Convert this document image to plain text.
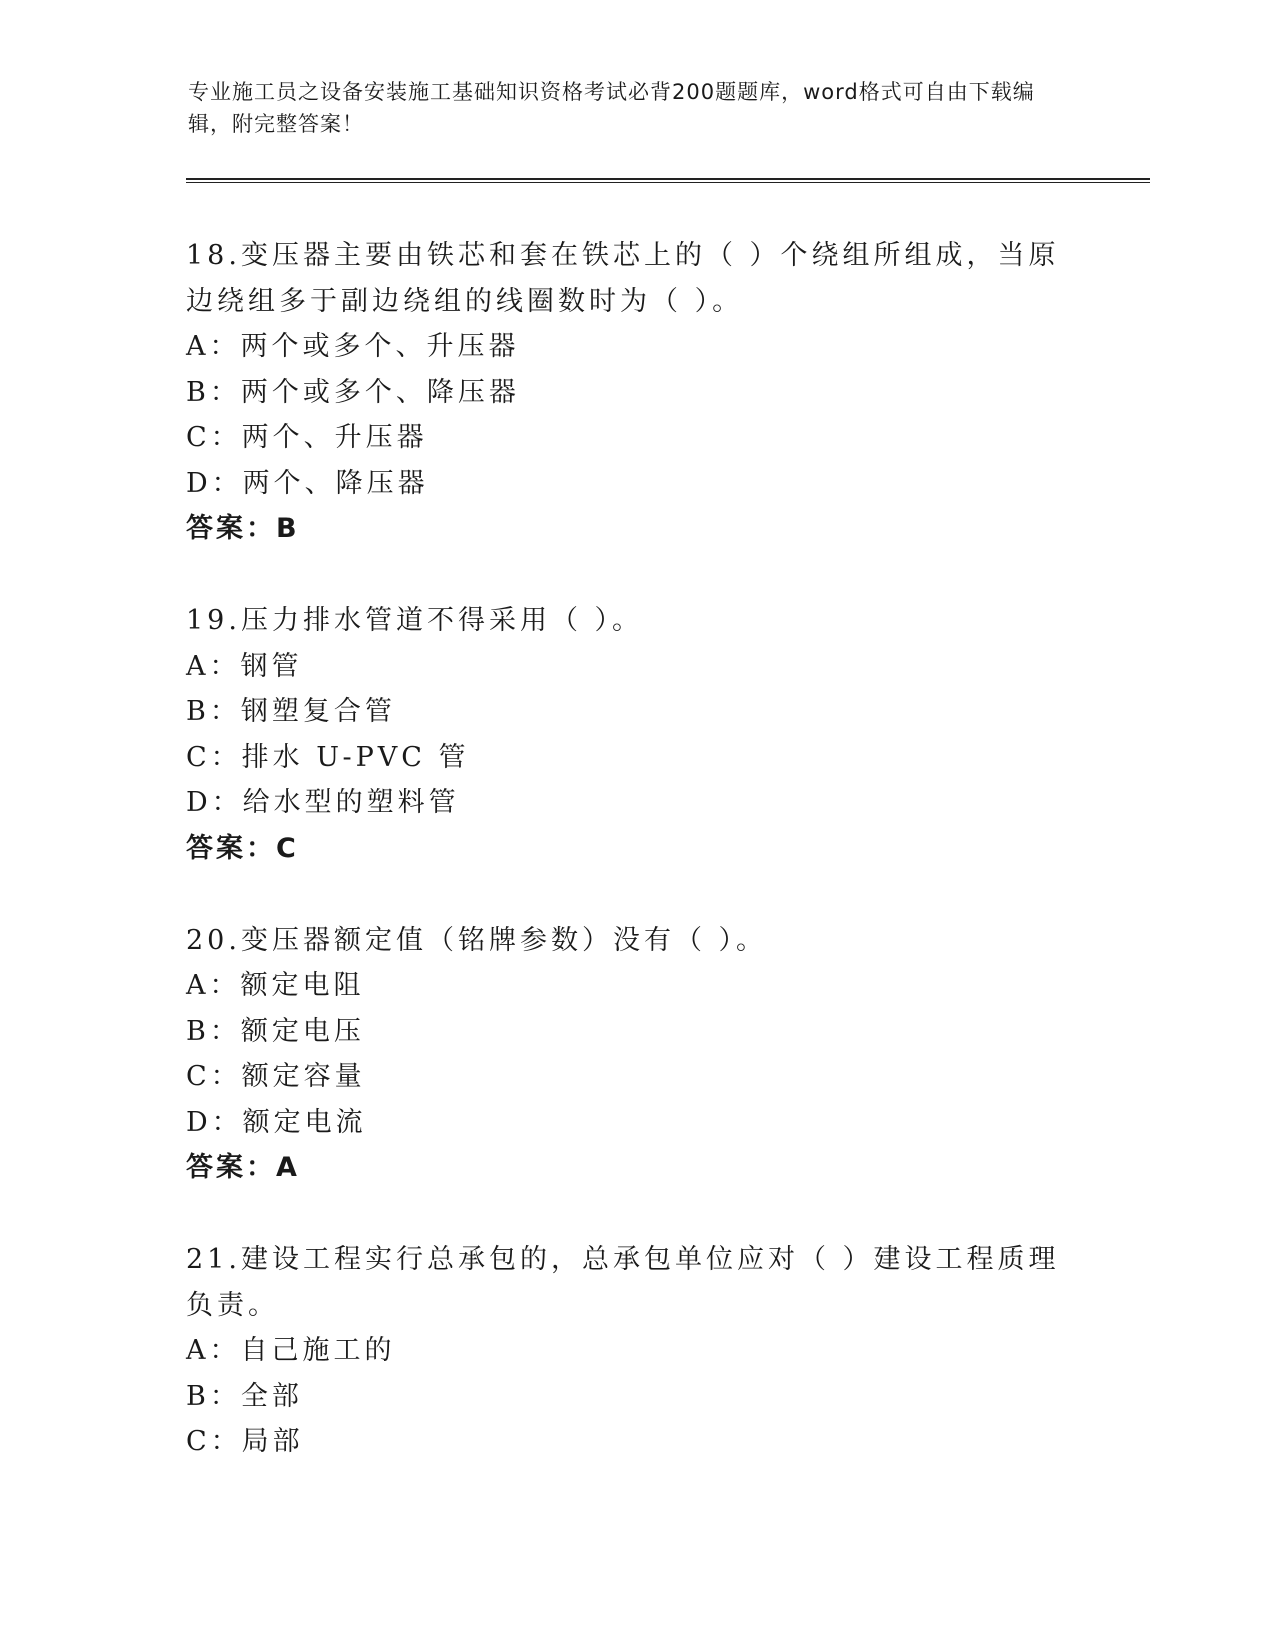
专业施工员之设备安装施工基础知识资格考试必背200题题库，word格式可自由下载编辑，附完整答案！
18.变压器主要由铁芯和套在铁芯上的（ ）个绕组所组成，当原边绕组多于副边绕组的线圈数时为（ ）。
A：两个或多个、升压器
B：两个或多个、降压器
C：两个、升压器
D：两个、降压器
答案：B
19.压力排水管道不得采用（ ）。
A：钢管
B：钢塑复合管
C：排水 U-PVC 管
D：给水型的塑料管
答案：C
20.变压器额定值（铭牌参数）没有（ ）。
A：额定电阻
B：额定电压
C：额定容量
D：额定电流
答案：A
21.建设工程实行总承包的，总承包单位应对（ ）建设工程质理负责。
A：自己施工的
B：全部
C：局部
